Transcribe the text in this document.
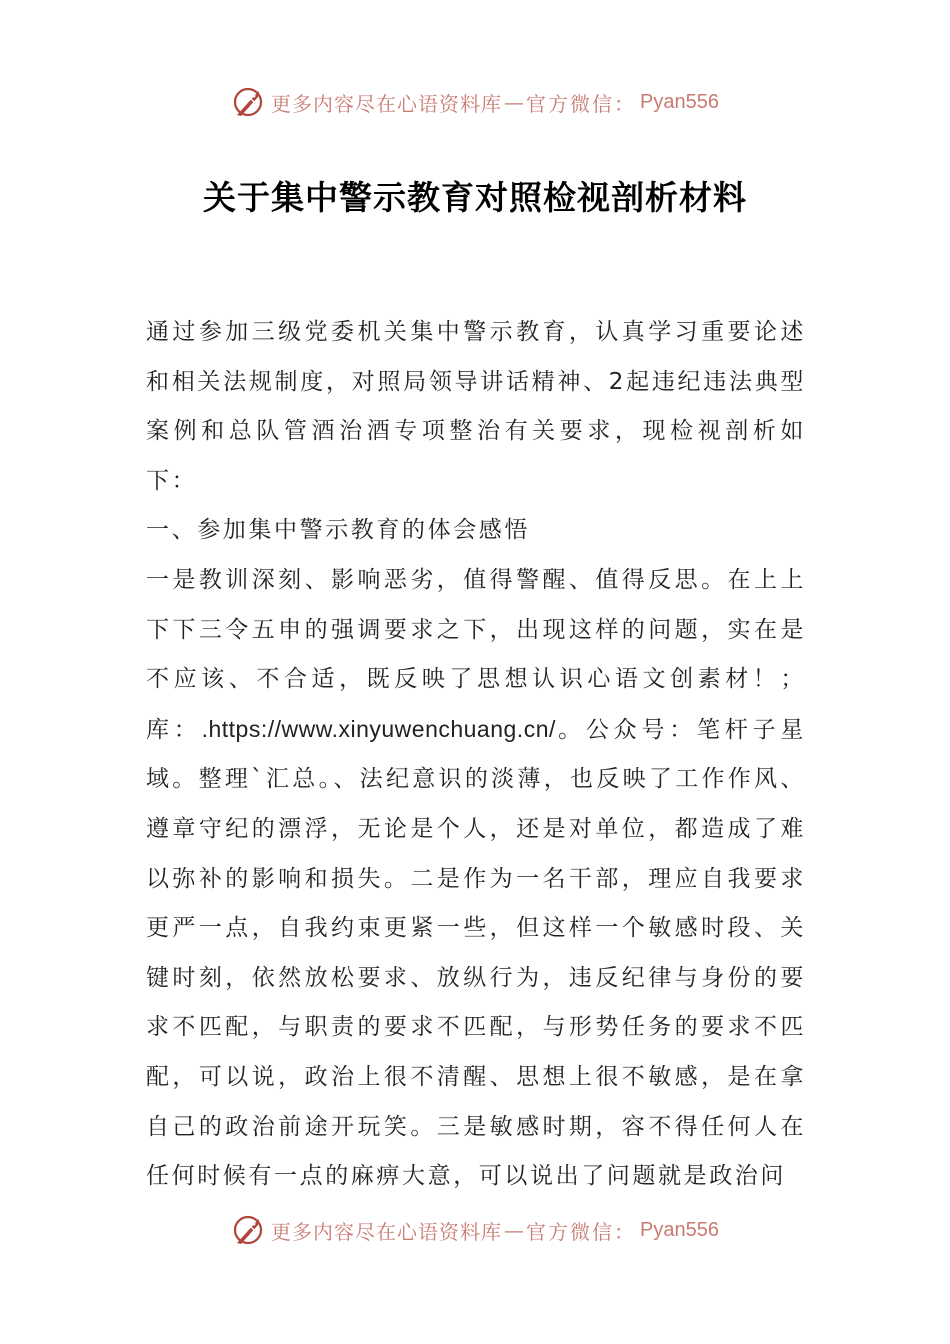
更多内容尽在心语资料库 — 官方微信： Pyan556
关于集中警示教育对照检视剖析材料

通过参加三级党委机关集中警示教育，认真学习重要论述和相关法规制度，对照局领导讲话精神、2起违纪违法典型案例和总队管酒治酒专项整治有关要求，现检视剖析如下：

一、参加集中警示教育的体会感悟

一是教训深刻、影响恶劣，值得警醒、值得反思。在上上下下三令五申的强调要求之下，出现这样的问题，实在是不应该、不合适，既反映了思想认识心语文创素材！；库：.https://www.xinyuwenchuang.cn/。公众号：笔杆子星域。整理`汇总。、法纪意识的淡薄，也反映了工作作风、遵章守纪的漂浮，无论是个人，还是对单位，都造成了难以弥补的影响和损失。二是作为一名干部，理应自我要求更严一点，自我约束更紧一些，但这样一个敏感时段、关键时刻，依然放松要求、放纵行为，违反纪律与身份的要求不匹配，与职责的要求不匹配，与形势任务的要求不匹配，可以说，政治上很不清醒、思想上很不敏感，是在拿自己的政治前途开玩笑。三是敏感时期，容不得任何人在任何时候有一点的麻痹大意，可以说出了问题就是政治问

更多内容尽在心语资料库 — 官方微信： Pyan556
